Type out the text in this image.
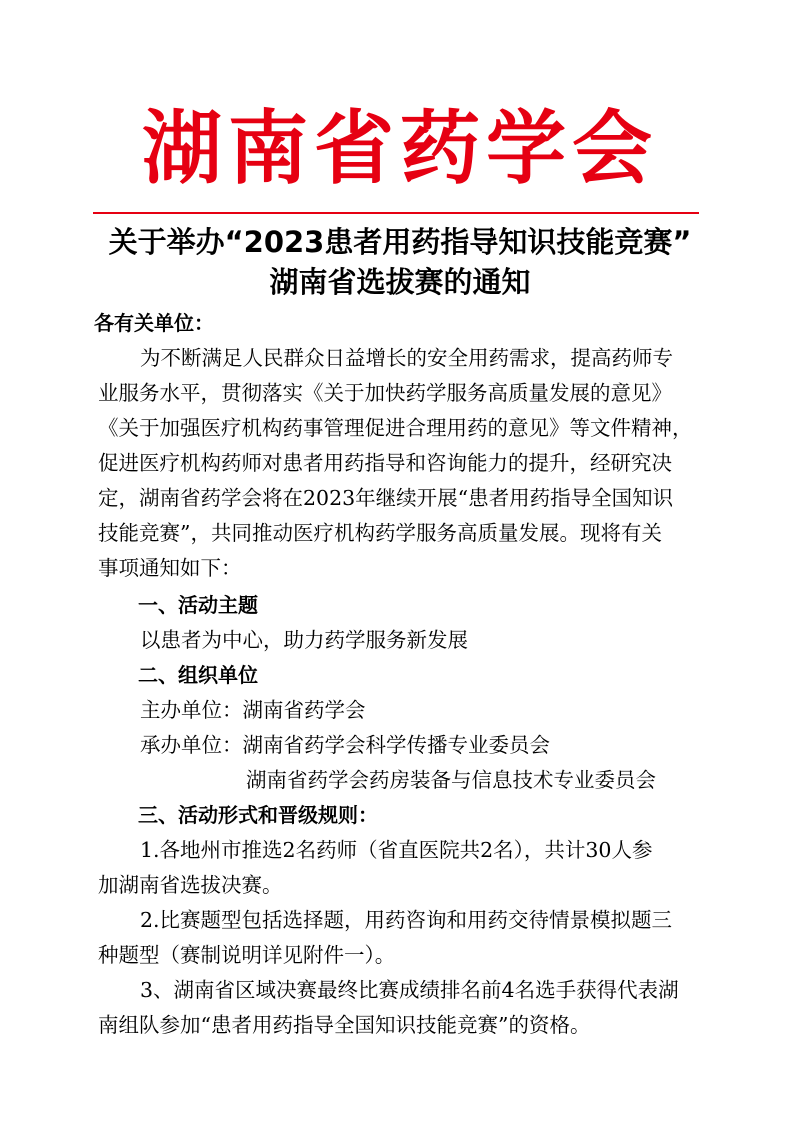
湖南省药学会
关于举办“2023患者用药指导知识技能竞赛”
湖南省选拔赛的通知
各有关单位：
为不断满足人民群众日益增长的安全用药需求，提高药师专
业服务水平，贯彻落实《关于加快药学服务高质量发展的意见》
《关于加强医疗机构药事管理促进合理用药的意见》等文件精神，
促进医疗机构药师对患者用药指导和咨询能力的提升，经研究决
定，湖南省药学会将在2023年继续开展“患者用药指导全国知识
技能竞赛”，共同推动医疗机构药学服务高质量发展。现将有关
事项通知如下：
一、活动主题
以患者为中心，助力药学服务新发展
二、组织单位
主办单位：湖南省药学会
承办单位：湖南省药学会科学传播专业委员会
湖南省药学会药房装备与信息技术专业委员会
三、活动形式和晋级规则：
1.各地州市推选2名药师（省直医院共2名），共计30人参
加湖南省选拔决赛。
2.比赛题型包括选择题，用药咨询和用药交待情景模拟题三
种题型（赛制说明详见附件一）。
3、湖南省区域决赛最终比赛成绩排名前4名选手获得代表湖
南组队参加“患者用药指导全国知识技能竞赛”的资格。
